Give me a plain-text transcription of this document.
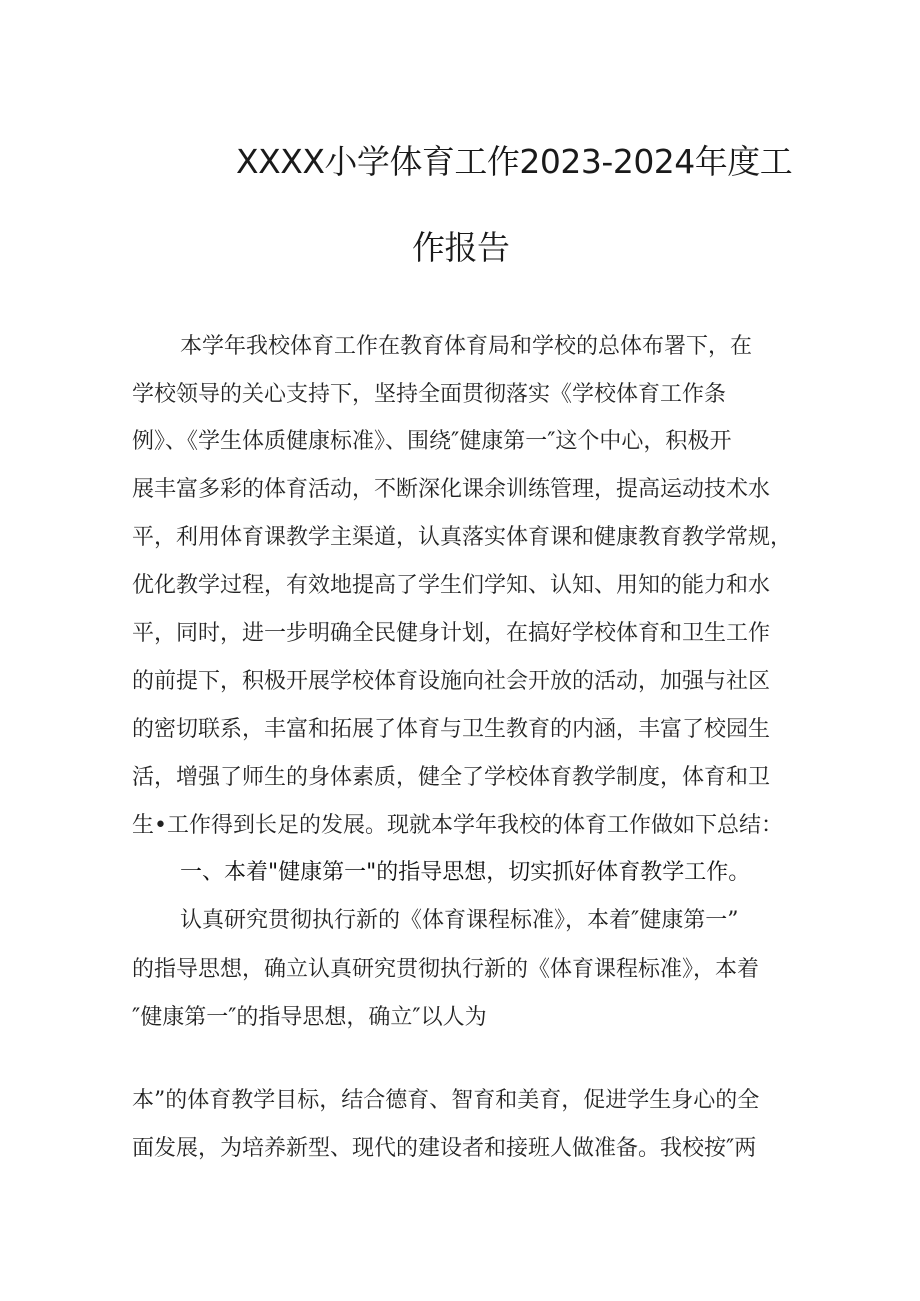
XXXX小学体育工作2023-2024年度工
作报告
本学年我校体育工作在教育体育局和学校的总体布署下，在
学校领导的关心支持下，坚持全面贯彻落实《学校体育工作条
例》、《学生体质健康标准》、围绕″健康第一″这个中心，积极开
展丰富多彩的体育活动，不断深化课余训练管理，提高运动技术水
平，利用体育课教学主渠道，认真落实体育课和健康教育教学常规，
优化教学过程，有效地提高了学生们学知、认知、用知的能力和水
平，同时，进一步明确全民健身计划，在搞好学校体育和卫生工作
的前提下，积极开展学校体育设施向社会开放的活动，加强与社区
的密切联系，丰富和拓展了体育与卫生教育的内涵，丰富了校园生
活，增强了师生的身体素质，健全了学校体育教学制度，体育和卫
生•工作得到长足的发展。现就本学年我校的体育工作做如下总结：
一、本着"健康第一"的指导思想，切实抓好体育教学工作。
认真研究贯彻执行新的《体育课程标准》，本着″健康第一”
的指导思想，确立认真研究贯彻执行新的《体育课程标准》，本着
″健康第一″的指导思想，确立″以人为
本”的体育教学目标，结合德育、智育和美育，促进学生身心的全
面发展，为培养新型、现代的建设者和接班人做准备。我校按″两
